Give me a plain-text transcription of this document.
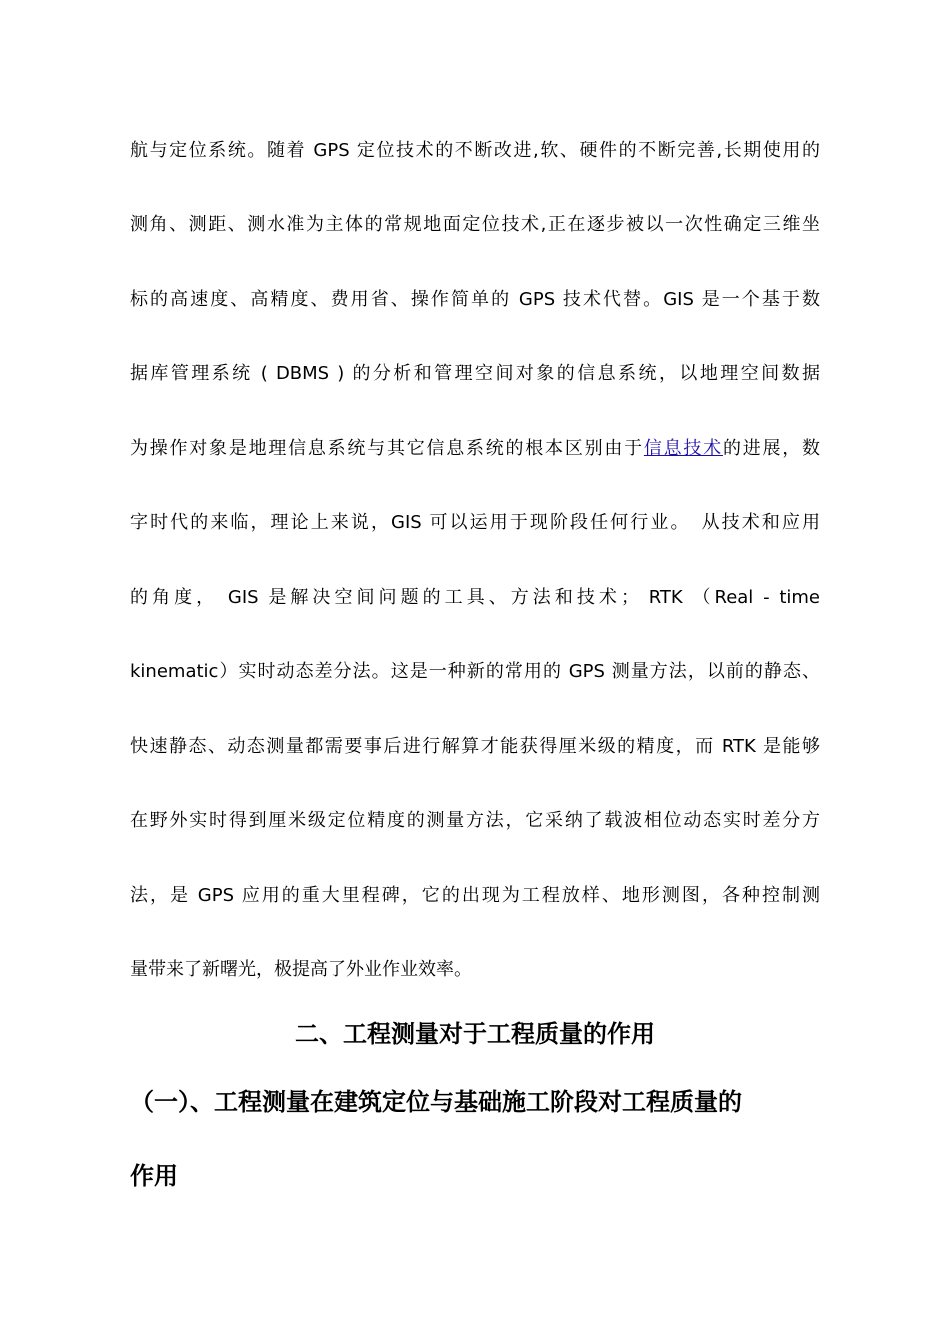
航与定位系统。随着 GPS 定位技术的不断改进,软、硬件的不断完善,长期使用的
测角、测距、测水准为主体的常规地面定位技术,正在逐步被以一次性确定三维坐
标的高速度、高精度、费用省、操作简单的 GPS 技术代替。GIS 是一个基于数
据库管理系统 ( DBMS ) 的分析和管理空间对象的信息系统，以地理空间数据
为操作对象是地理信息系统与其它信息系统的根本区别由于信息技术的进展，数
字时代的来临，理论上来说，GIS 可以运用于现阶段任何行业。　从技术和应用
的角度， GIS 是解决空间问题的工具、方法和技术； RTK （Real - time
kinematic）实时动态差分法。这是一种新的常用的 GPS 测量方法，以前的静态、
快速静态、动态测量都需要事后进行解算才能获得厘米级的精度，而 RTK 是能够
在野外实时得到厘米级定位精度的测量方法，它采纳了载波相位动态实时差分方
法，是 GPS 应用的重大里程碑，它的出现为工程放样、地形测图，各种控制测
量带来了新曙光，极提高了外业作业效率。
二、工程测量对于工程质量的作用
（一）、工程测量在建筑定位与基础施工阶段对工程质量的
作用
